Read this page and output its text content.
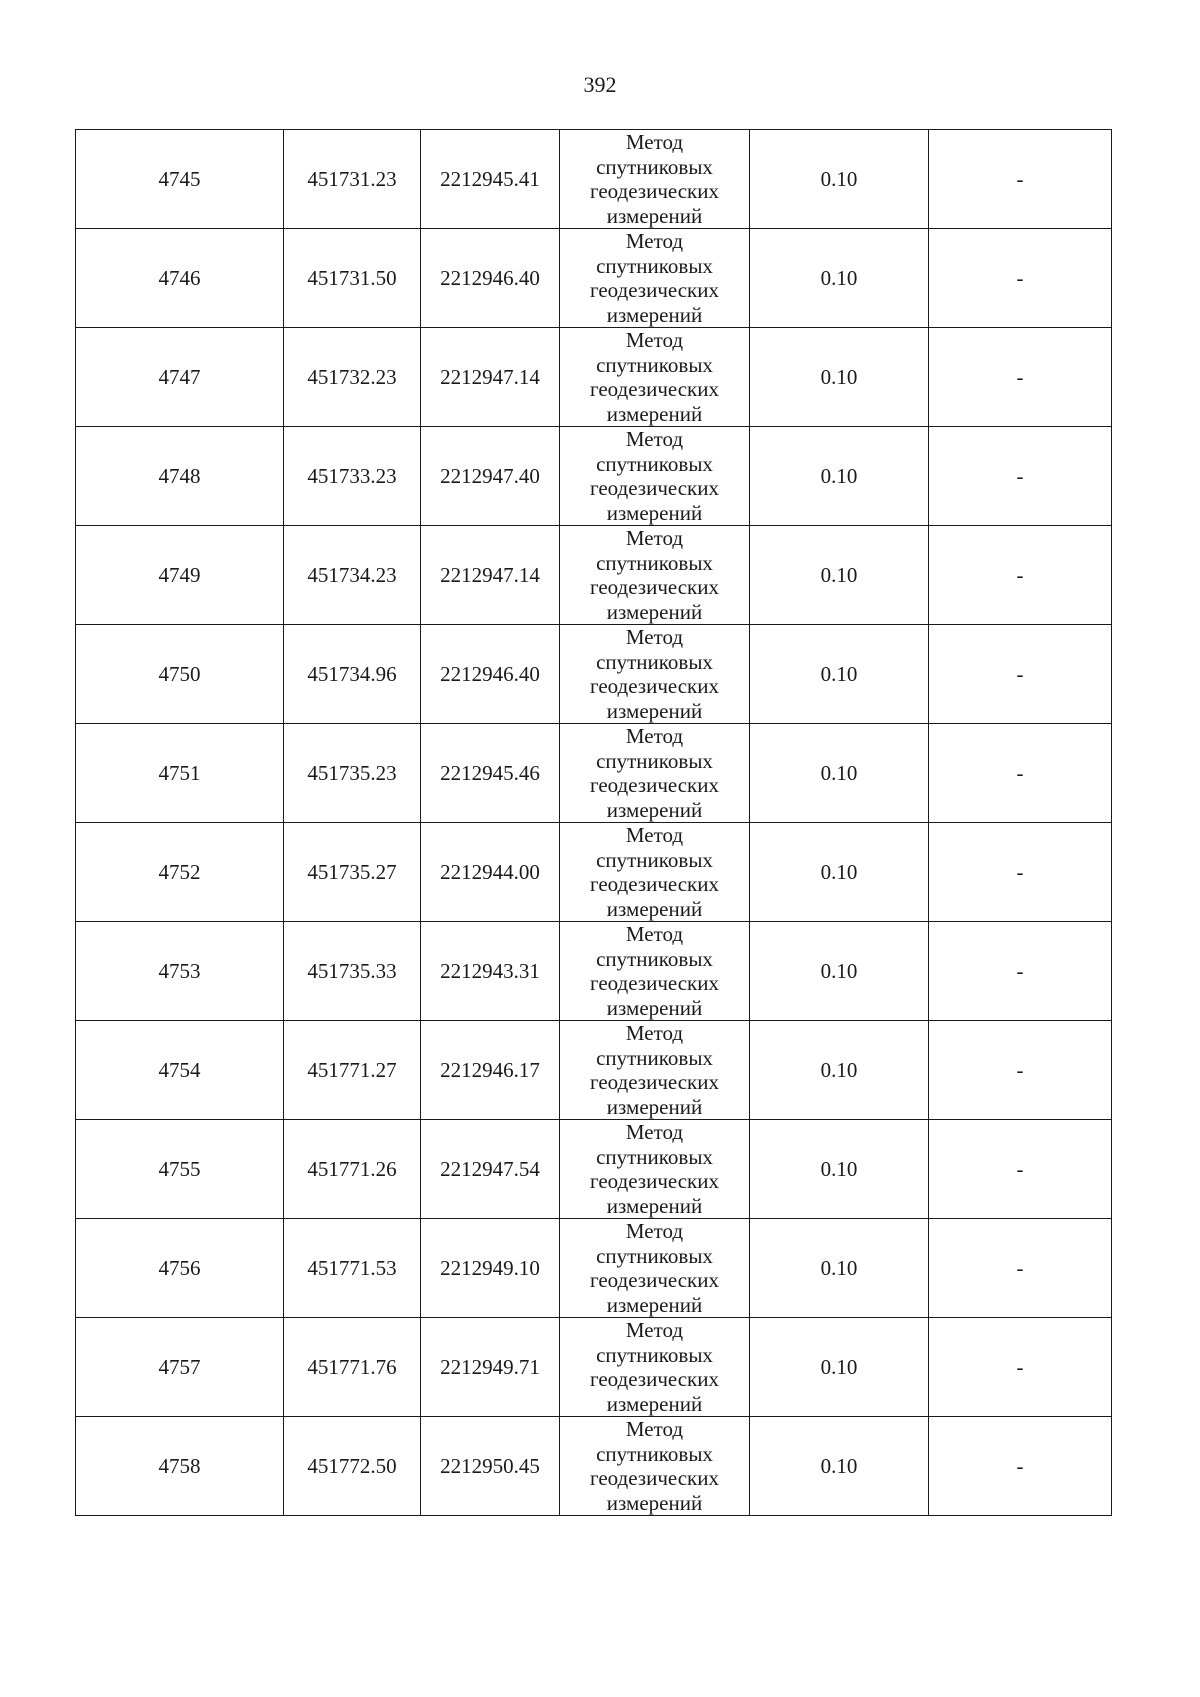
392
4745	451731.23	2212945.41	Метод
спутниковых
геодезических
измерений	0.10	-
4746	451731.50	2212946.40	Метод
спутниковых
геодезических
измерений	0.10	-
4747	451732.23	2212947.14	Метод
спутниковых
геодезических
измерений	0.10	-
4748	451733.23	2212947.40	Метод
спутниковых
геодезических
измерений	0.10	-
4749	451734.23	2212947.14	Метод
спутниковых
геодезических
измерений	0.10	-
4750	451734.96	2212946.40	Метод
спутниковых
геодезических
измерений	0.10	-
4751	451735.23	2212945.46	Метод
спутниковых
геодезических
измерений	0.10	-
4752	451735.27	2212944.00	Метод
спутниковых
геодезических
измерений	0.10	-
4753	451735.33	2212943.31	Метод
спутниковых
геодезических
измерений	0.10	-
4754	451771.27	2212946.17	Метод
спутниковых
геодезических
измерений	0.10	-
4755	451771.26	2212947.54	Метод
спутниковых
геодезических
измерений	0.10	-
4756	451771.53	2212949.10	Метод
спутниковых
геодезических
измерений	0.10	-
4757	451771.76	2212949.71	Метод
спутниковых
геодезических
измерений	0.10	-
4758	451772.50	2212950.45	Метод
спутниковых
геодезических
измерений	0.10	-
